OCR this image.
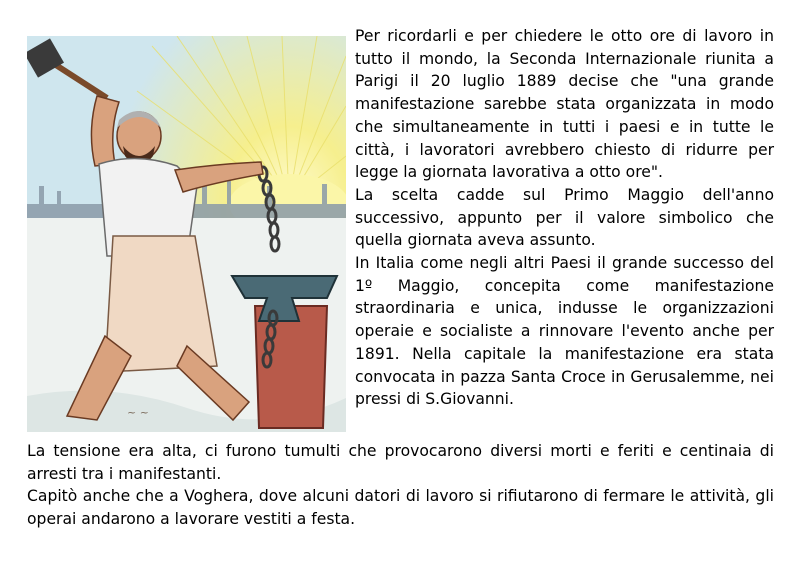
~ ~

Per ricordarli e per chiedere le otto ore di lavoro in tutto il mondo, la Seconda Internazionale riunita a Parigi il 20 luglio 1889 decise che "una grande manifestazione sarebbe stata organizzata in modo che simultaneamente in tutti i paesi e in tutte le città, i lavoratori avrebbero chiesto di ridurre per legge la giornata lavorativa a otto ore".

La scelta cadde sul Primo Maggio dell'anno successivo, appunto per il valore simbolico che quella giornata aveva assunto.

In Italia come negli altri Paesi il grande successo del 1º Maggio, concepita come manifestazione straordinaria e unica, indusse le organizzazioni operaie e socialiste a rinnovare l'evento anche per 1891. Nella capitale la manifestazione era stata convocata in pazza Santa Croce in Gerusalemme, nei pressi di S.Giovanni.

La tensione era alta, ci furono tumulti che provocarono diversi morti e feriti e centinaia di arresti tra i manifestanti.

Capitò anche che a Voghera, dove alcuni datori di lavoro si rifiutarono di fermare le attività, gli operai andarono a lavorare vestiti a festa.
